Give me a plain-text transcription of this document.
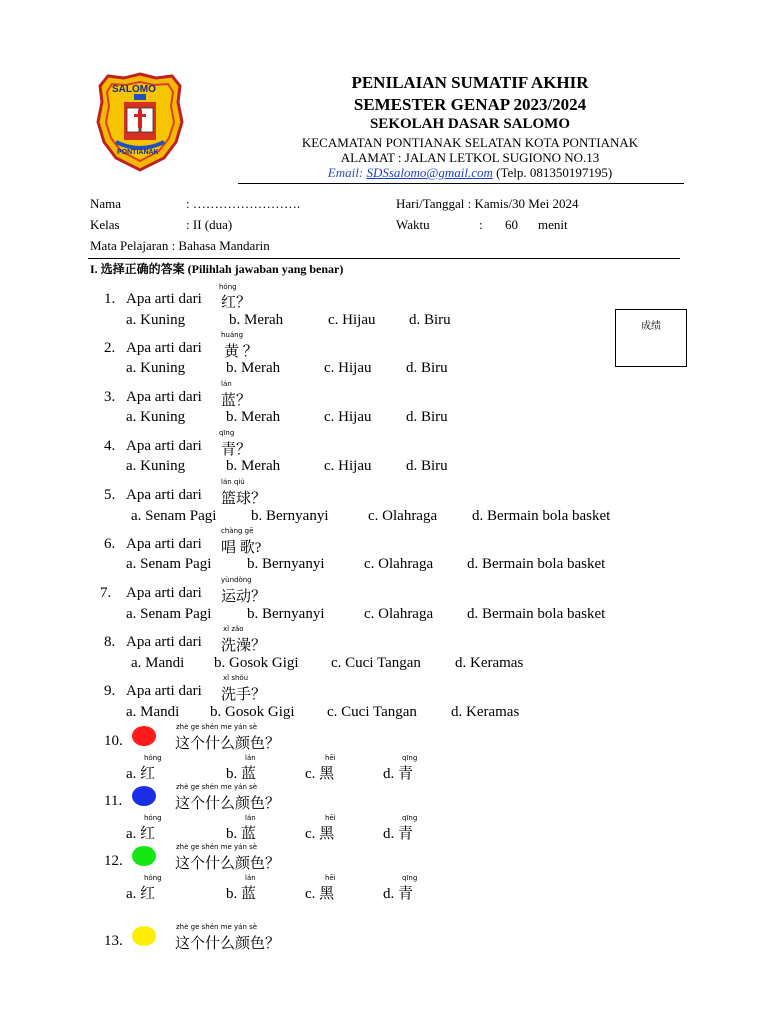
SALOMO
PONTIANAK
PENILAIAN SUMATIF AKHIR
SEMESTER GENAP 2023/2024
SEKOLAH DASAR SALOMO
KECAMATAN PONTIANAK SELATAN KOTA PONTIANAK
ALAMAT : JALAN LETKOL SUGIONO NO.13
Email: SDSsalomo@gmail.com (Telp. 081350197195)
Nama	: …………………….	Hari/Tanggal : Kamis/30 Mei 2024
Kelas	: II (dua)	Waktu	: 60 menit
Mata Pelajaran : Bahasa Mandarin
I. 选择正确的答案 (Pilihlah jawaban yang benar)
成绩
hóng
1. Apa arti dari 红？
a. Kuning	b. Merah	c. Hijau d. Biru
huáng
2. Apa arti dari 黄 ？
a. Kuning	b. Merah	c. Hijau d. Biru
lán
3. Apa arti dari 蓝？
a. Kuning	b. Merah	c. Hijau d. Biru
qīng
4. Apa arti dari 青？
a. Kuning	b. Merah	c. Hijau d. Biru
lán qiú
5. Apa arti dari 篮球？
a. Senam Pagi b. Bernyanyi	c. Olahraga d. Bermain bola basket
chàng gē
6. Apa arti dari 唱 歌?
a. Senam Pagi b. Bernyanyi	c. Olahraga d. Bermain bola basket
yùndòng
7. Apa arti dari 运动？
a. Senam Pagi b. Bernyanyi	c. Olahraga d. Bermain bola basket
xǐ zǎo
8. Apa arti dari 洗澡？
a. Mandi b. Gosok Gigi c. Cuci Tangan d. Keramas
xǐ shǒu
9. Apa arti dari 洗手？
a. Mandi b. Gosok Gigi c. Cuci Tangan d. Keramas
10.
zhè ge shén me yán sè
这个什么颜色？
hóng	lán	hēi	qīng
a. 红	b. 蓝	c. 黑	d. 青
11.
zhè ge shén me yán sè
这个什么颜色？
hóng	lán	hēi	qīng
a. 红	b. 蓝	c. 黑	d. 青
12.
zhè ge shén me yán sè
这个什么颜色？
hóng	lán	hēi	qīng
a. 红	b. 蓝	c. 黑	d. 青
13.
zhè ge shén me yán sè
这个什么颜色？
